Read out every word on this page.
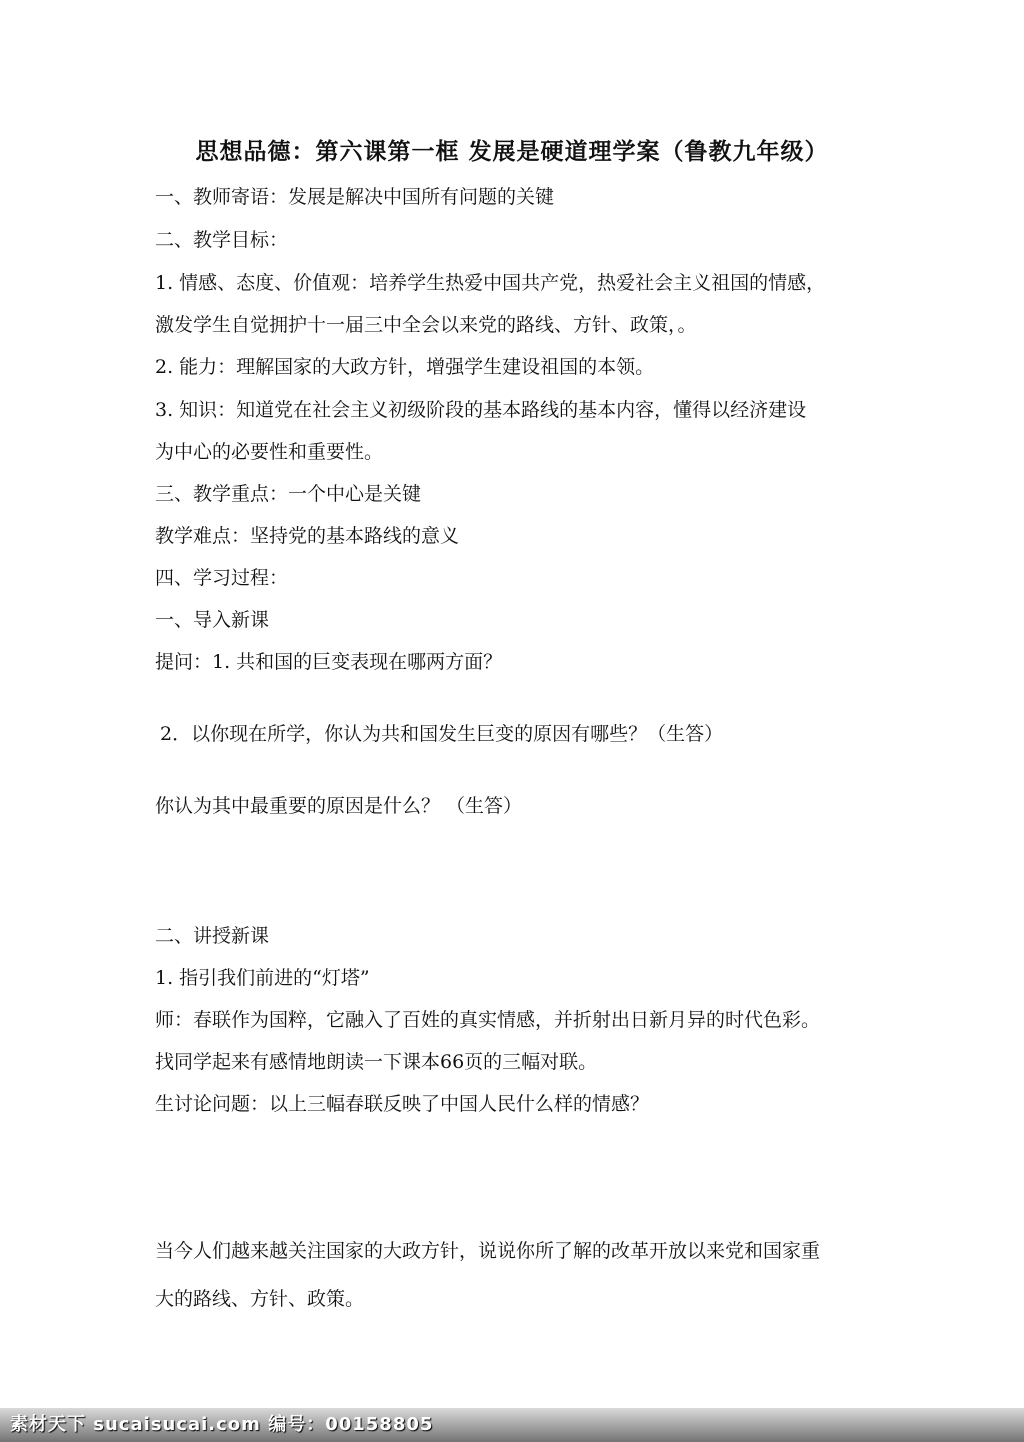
思想品德：第六课第一框 发展是硬道理学案（鲁教九年级）
一、教师寄语：发展是解决中国所有问题的关键
二、教学目标：
1. 情感、态度、价值观：培养学生热爱中国共产党，热爱社会主义祖国的情感，
激发学生自觉拥护十一届三中全会以来党的路线、方针、政策，。
2. 能力：理解国家的大政方针，增强学生建设祖国的本领。
3. 知识：知道党在社会主义初级阶段的基本路线的基本内容，懂得以经济建设
为中心的必要性和重要性。
三、教学重点：一个中心是关键
教学难点：坚持党的基本路线的意义
四、学习过程：
一、导入新课
提问：1. 共和国的巨变表现在哪两方面？
2．以你现在所学，你认为共和国发生巨变的原因有哪些？（生答）
你认为其中最重要的原因是什么？ （生答）
二、讲授新课
1. 指引我们前进的“灯塔”
师：春联作为国粹，它融入了百姓的真实情感，并折射出日新月异的时代色彩。
找同学起来有感情地朗读一下课本66页的三幅对联。
生讨论问题：以上三幅春联反映了中国人民什么样的情感？
当今人们越来越关注国家的大政方针，说说你所了解的改革开放以来党和国家重
大的路线、方针、政策。
素材天下 sucaisucai.com 编号：00158805
